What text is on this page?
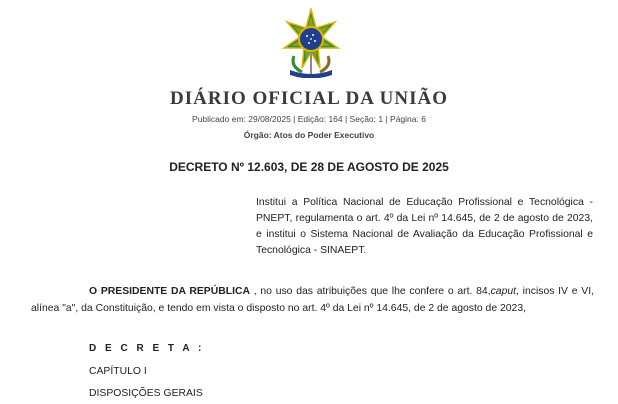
DIÁRIO OFICIAL DA UNIÃO
Publicado em: 29/08/2025 | Edição: 164 | Seção: 1 | Página: 6
Órgão: Atos do Poder Executivo
DECRETO Nº 12.603, DE 28 DE AGOSTO DE 2025
Institui a Política Nacional de Educação Profissional e Tecnológica - PNEPT, regulamenta o art. 4º da Lei nº 14.645, de 2 de agosto de 2023, e institui o Sistema Nacional de Avaliação da Educação Profissional e Tecnológica - SINAEPT.
O PRESIDENTE DA REPÚBLICA , no uso das atribuições que lhe confere o art. 84,caput, incisos IV e VI, alínea "a", da Constituição, e tendo em vista o disposto no art. 4º da Lei nº 14.645, de 2 de agosto de 2023,
D E C R E T A :
CAPÍTULO I
DISPOSIÇÕES GERAIS
